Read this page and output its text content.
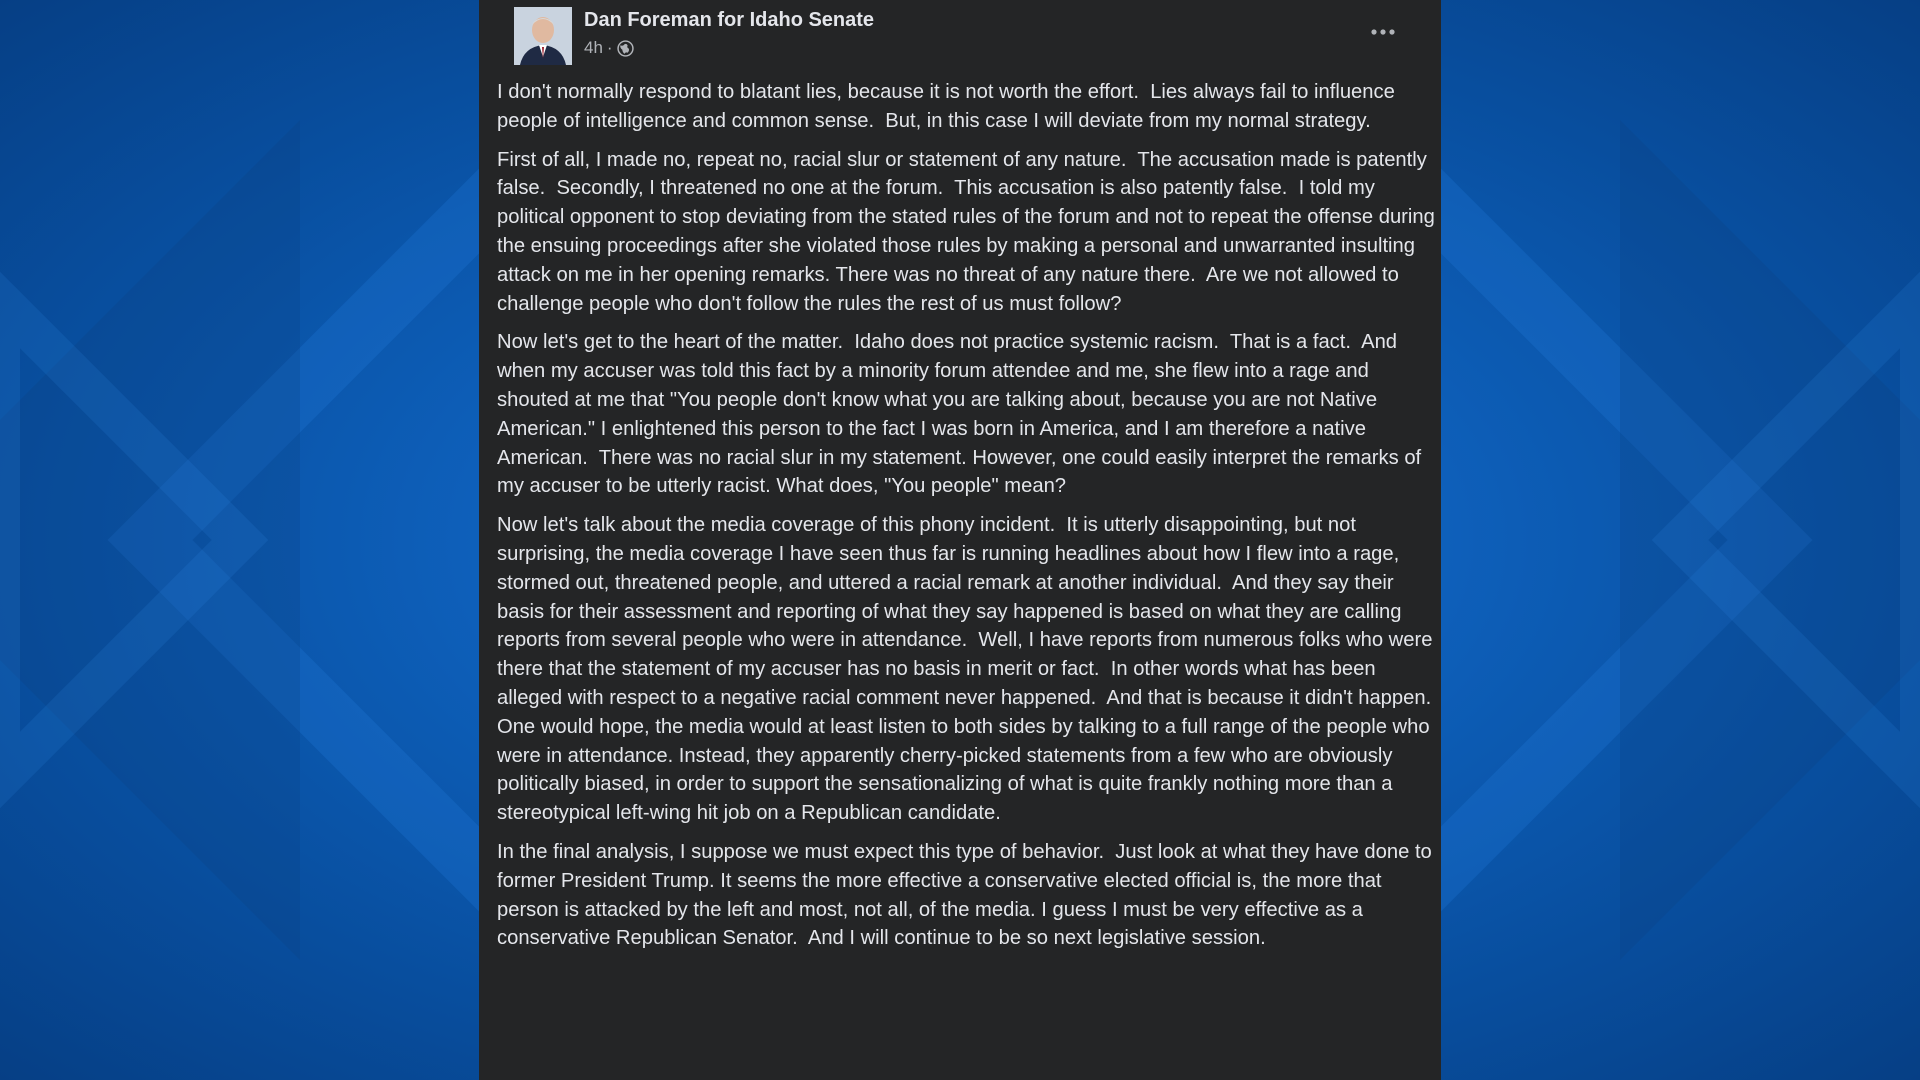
Dan Foreman for Idaho Senate
4h ·

I don't normally respond to blatant lies, because it is not worth the effort.  Lies always fail to influence people of intelligence and common sense.  But, in this case I will deviate from my normal strategy.

First of all, I made no, repeat no, racial slur or statement of any nature.  The accusation made is patently false.  Secondly, I threatened no one at the forum.  This accusation is also patently false.  I told my political opponent to stop deviating from the stated rules of the forum and not to repeat the offense during the ensuing proceedings after she violated those rules by making a personal and unwarranted insulting attack on me in her opening remarks. There was no threat of any nature there.  Are we not allowed to challenge people who don't follow the rules the rest of us must follow?

Now let's get to the heart of the matter.  Idaho does not practice systemic racism.  That is a fact.  And when my accuser was told this fact by a minority forum attendee and me, she flew into a rage and shouted at me that "You people don't know what you are talking about, because you are not Native American." I enlightened this person to the fact I was born in America, and I am therefore a native American.  There was no racial slur in my statement. However, one could easily interpret the remarks of my accuser to be utterly racist. What does, "You people" mean?

Now let's talk about the media coverage of this phony incident.  It is utterly disappointing, but not surprising, the media coverage I have seen thus far is running headlines about how I flew into a rage, stormed out, threatened people, and uttered a racial remark at another individual.  And they say their basis for their assessment and reporting of what they say happened is based on what they are calling reports from several people who were in attendance.  Well, I have reports from numerous folks who were there that the statement of my accuser has no basis in merit or fact.  In other words what has been alleged with respect to a negative racial comment never happened.  And that is because it didn't happen.  One would hope, the media would at least listen to both sides by talking to a full range of the people who were in attendance. Instead, they apparently cherry-picked statements from a few who are obviously politically biased, in order to support the sensationalizing of what is quite frankly nothing more than a stereotypical left-wing hit job on a Republican candidate.

In the final analysis, I suppose we must expect this type of behavior.  Just look at what they have done to former President Trump. It seems the more effective a conservative elected official is, the more that person is attacked by the left and most, not all, of the media. I guess I must be very effective as a conservative Republican Senator.  And I will continue to be so next legislative session.
